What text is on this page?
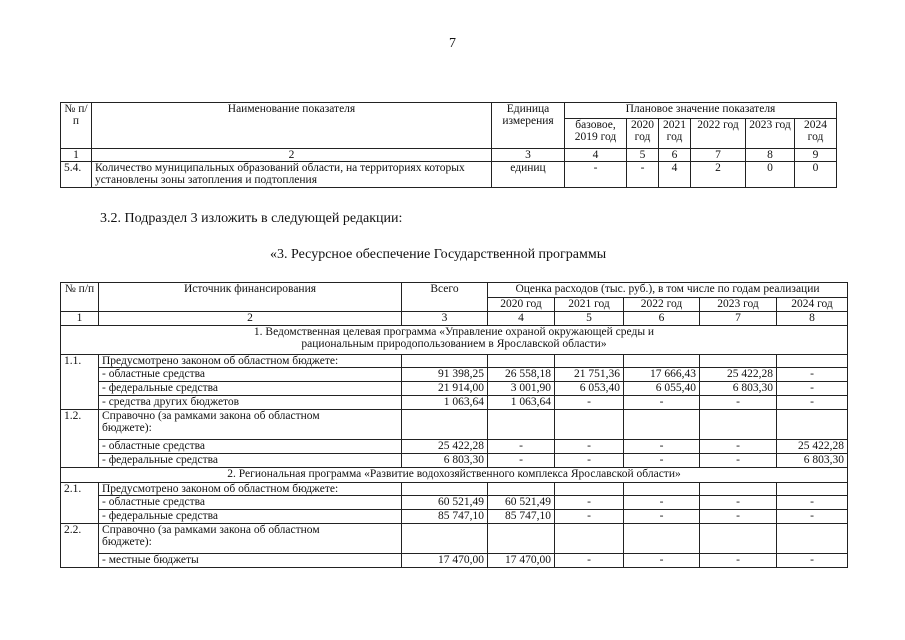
7
№ п/п	Наименование показателя	Единица измерения	Плановое значение показателя					
			базовое, 2019 год	2020 год	2021 год	2022 год	2023 год	2024 год
1	2	3	4	5	6	7	8	9
5.4.	Количество муниципальных образований области, на территориях которых установлены зоны затопления и подтопления	единиц	-	-	4	2	0	0
3.2. Подраздел 3 изложить в следующей редакции:
«3. Ресурсное обеспечение Государственной программы
№ п/п	Источник финансирования	Всего	Оценка расходов (тыс. руб.), в том числе по годам реализации				
			2020 год	2021 год	2022 год	2023 год	2024 год
1	2	3	4	5	6	7	8
1. Ведомственная целевая программа «Управление охраной окружающей среды и рациональным природопользованием в Ярославской области»							
1.1.	Предусмотрено законом об областном бюджете:						
	- областные средства	91 398,25	26 558,18	21 751,36	17 666,43	25 422,28	-
	- федеральные средства	21 914,00	3 001,90	6 053,40	6 055,40	6 803,30	-
	- средства других бюджетов	1 063,64	1 063,64	-	-	-	-
1.2.	Справочно (за рамками закона об областном бюджете):						
	- областные средства	25 422,28	-	-	-	-	25 422,28
	- федеральные средства	6 803,30	-	-	-	-	6 803,30
2. Региональная программа «Развитие водохозяйственного комплекса Ярославской области»							
2.1.	Предусмотрено законом об областном бюджете:						
	- областные средства	60 521,49	60 521,49	-	-	-	-
	- федеральные средства	85 747,10	85 747,10	-	-	-	-
2.2.	Справочно (за рамками закона об областном бюджете):						
	- местные бюджеты	17 470,00	17 470,00	-	-	-	-
